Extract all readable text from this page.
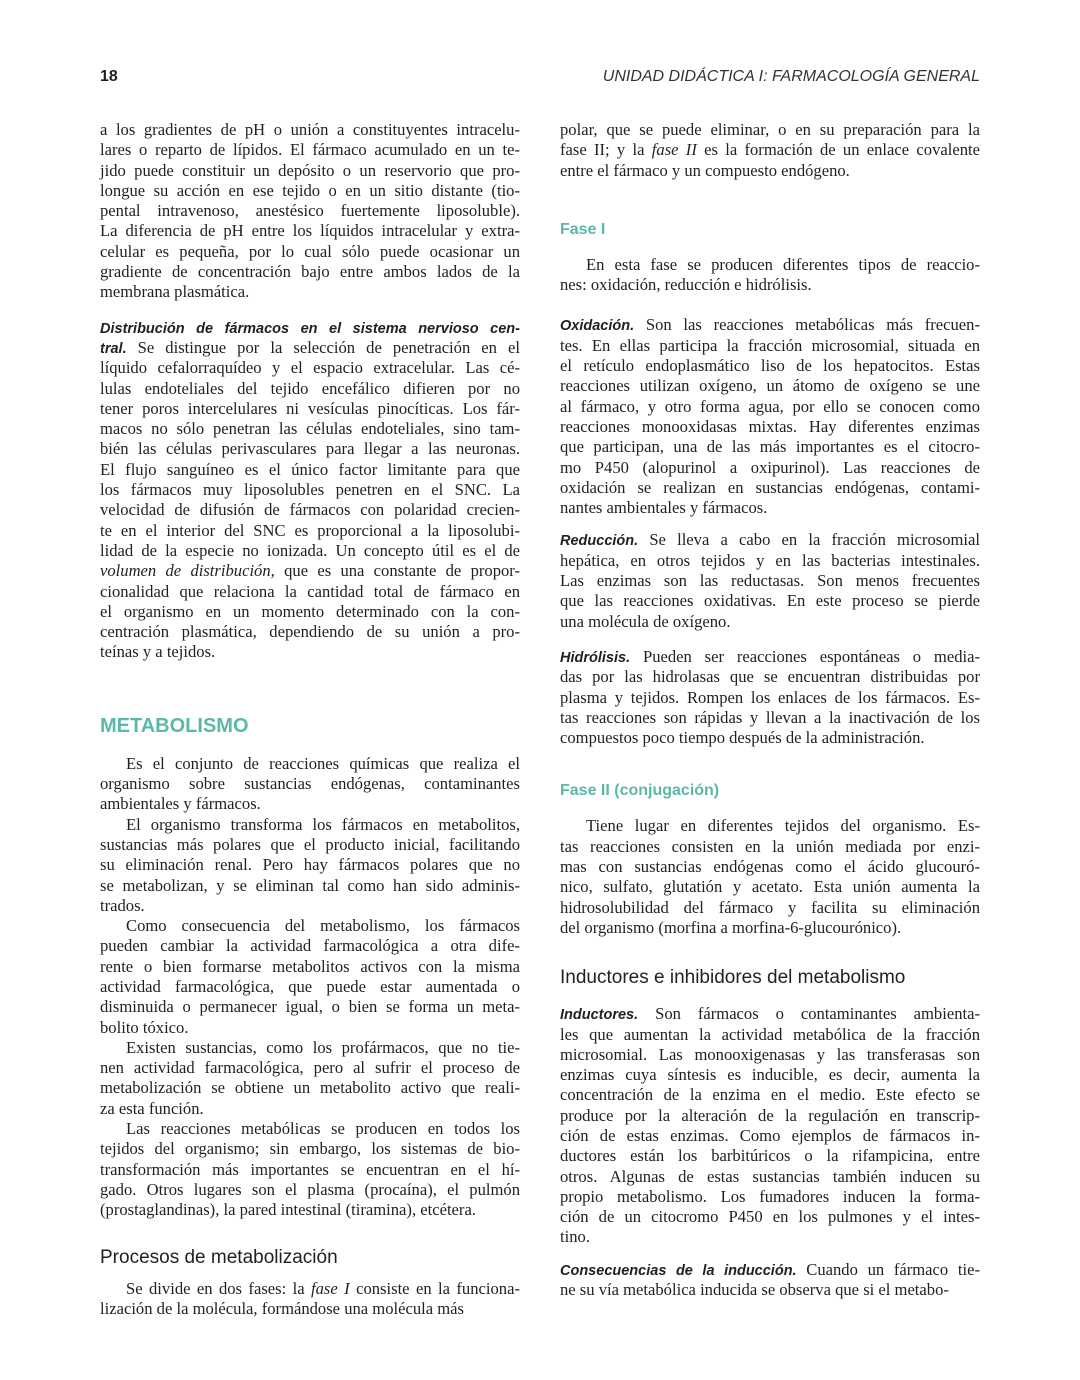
18	UNIDAD DIDÁCTICA I: FARMACOLOGÍA GENERAL
a los gradientes de pH o unión a constituyentes intracelu-
lares o reparto de lípidos. El fármaco acumulado en un te-
jido puede constituir un depósito o un reservorio que pro-
longue su acción en ese tejido o en un sitio distante (tio-
pental intravenoso, anestésico fuertemente liposoluble).
La diferencia de pH entre los líquidos intracelular y extra-
celular es pequeña, por lo cual sólo puede ocasionar un
gradiente de concentración bajo entre ambos lados de la
membrana plasmática.
Distribución de fármacos en el sistema nervioso cen-
tral. Se distingue por la selección de penetración en el
líquido cefalorraquídeo y el espacio extracelular. Las cé-
lulas endoteliales del tejido encefálico difieren por no
tener poros intercelulares ni vesículas pinocíticas. Los fár-
macos no sólo penetran las células endoteliales, sino tam-
bién las células perivasculares para llegar a las neuronas.
El flujo sanguíneo es el único factor limitante para que
los fármacos muy liposolubles penetren en el SNC. La
velocidad de difusión de fármacos con polaridad crecien-
te en el interior del SNC es proporcional a la liposolubi-
lidad de la especie no ionizada. Un concepto útil es el de
volumen de distribución, que es una constante de propor-
cionalidad que relaciona la cantidad total de fármaco en
el organismo en un momento determinado con la con-
centración plasmática, dependiendo de su unión a pro-
teínas y a tejidos.
METABOLISMO
Es el conjunto de reacciones químicas que realiza el
organismo sobre sustancias endógenas, contaminantes
ambientales y fármacos.
El organismo transforma los fármacos en metabolitos,
sustancias más polares que el producto inicial, facilitando
su eliminación renal. Pero hay fármacos polares que no
se metabolizan, y se eliminan tal como han sido adminis-
trados.
Como consecuencia del metabolismo, los fármacos
pueden cambiar la actividad farmacológica a otra dife-
rente o bien formarse metabolitos activos con la misma
actividad farmacológica, que puede estar aumentada o
disminuida o permanecer igual, o bien se forma un meta-
bolito tóxico.
Existen sustancias, como los profármacos, que no tie-
nen actividad farmacológica, pero al sufrir el proceso de
metabolización se obtiene un metabolito activo que reali-
za esta función.
Las reacciones metabólicas se producen en todos los
tejidos del organismo; sin embargo, los sistemas de bio-
transformación más importantes se encuentran en el hí-
gado. Otros lugares son el plasma (procaína), el pulmón
(prostaglandinas), la pared intestinal (tiramina), etcétera.
Procesos de metabolización
Se divide en dos fases: la fase I consiste en la funciona-
lización de la molécula, formándose una molécula más
polar, que se puede eliminar, o en su preparación para la
fase II; y la fase II es la formación de un enlace covalente
entre el fármaco y un compuesto endógeno.
Fase I
En esta fase se producen diferentes tipos de reaccio-
nes: oxidación, reducción e hidrólisis.
Oxidación. Son las reacciones metabólicas más frecuen-
tes. En ellas participa la fracción microsomial, situada en
el retículo endoplasmático liso de los hepatocitos. Estas
reacciones utilizan oxígeno, un átomo de oxígeno se une
al fármaco, y otro forma agua, por ello se conocen como
reacciones monooxidasas mixtas. Hay diferentes enzimas
que participan, una de las más importantes es el citocro-
mo P450 (alopurinol a oxipurinol). Las reacciones de
oxidación se realizan en sustancias endógenas, contami-
nantes ambientales y fármacos.
Reducción. Se lleva a cabo en la fracción microsomial
hepática, en otros tejidos y en las bacterias intestinales.
Las enzimas son las reductasas. Son menos frecuentes
que las reacciones oxidativas. En este proceso se pierde
una molécula de oxígeno.
Hidrólisis. Pueden ser reacciones espontáneas o media-
das por las hidrolasas que se encuentran distribuidas por
plasma y tejidos. Rompen los enlaces de los fármacos. Es-
tas reacciones son rápidas y llevan a la inactivación de los
compuestos poco tiempo después de la administración.
Fase II (conjugación)
Tiene lugar en diferentes tejidos del organismo. Es-
tas reacciones consisten en la unión mediada por enzi-
mas con sustancias endógenas como el ácido glucouró-
nico, sulfato, glutatión y acetato. Esta unión aumenta la
hidrosolubilidad del fármaco y facilita su eliminación
del organismo (morfina a morfina-6-glucourónico).
Inductores e inhibidores del metabolismo
Inductores. Son fármacos o contaminantes ambienta-
les que aumentan la actividad metabólica de la fracción
microsomial. Las monooxigenasas y las transferasas son
enzimas cuya síntesis es inducible, es decir, aumenta la
concentración de la enzima en el medio. Este efecto se
produce por la alteración de la regulación en transcrip-
ción de estas enzimas. Como ejemplos de fármacos in-
ductores están los barbitúricos o la rifampicina, entre
otros. Algunas de estas sustancias también inducen su
propio metabolismo. Los fumadores inducen la forma-
ción de un citocromo P450 en los pulmones y el intes-
tino.
Consecuencias de la inducción. Cuando un fármaco tie-
ne su vía metabólica inducida se observa que si el metabo-
